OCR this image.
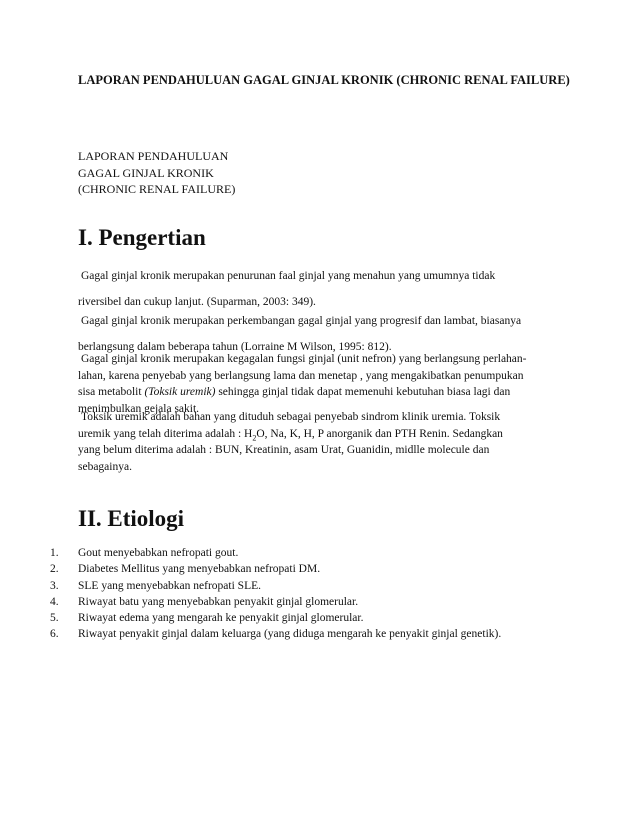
LAPORAN PENDAHULUAN GAGAL GINJAL KRONIK (CHRONIC RENAL FAILURE)
LAPORAN PENDAHULUAN
GAGAL GINJAL KRONIK
(CHRONIC RENAL FAILURE)
I. Pengertian
Gagal ginjal kronik merupakan penurunan faal ginjal yang menahun yang umumnya tidak
riversibel dan cukup lanjut. (Suparman, 2003: 349).
Gagal ginjal kronik merupakan perkembangan gagal ginjal yang progresif dan lambat, biasanya
berlangsung dalam beberapa tahun (Lorraine M Wilson, 1995: 812).
Gagal ginjal kronik merupakan kegagalan fungsi ginjal (unit nefron) yang berlangsung perlahan-
lahan, karena penyebab yang berlangsung lama dan menetap , yang mengakibatkan penumpukan
sisa metabolit (Toksik uremik) sehingga ginjal tidak dapat memenuhi kebutuhan biasa lagi dan
menimbulkan gejala sakit.
Toksik uremik adalah bahan yang dituduh sebagai penyebab sindrom klinik uremia. Toksik
uremik yang telah diterima adalah : $H_2O$, Na, K, H, P anorganik dan PTH Renin. Sedangkan
yang belum diterima adalah : BUN, Kreatinin, asam Urat, Guanidin, midlle molecule dan
sebagainya.
II. Etiologi
1. Gout menyebabkan nefropati gout.
2. Diabetes Mellitus yang menyebabkan nefropati DM.
3. SLE yang menyebabkan nefropati SLE.
4. Riwayat batu yang menyebabkan penyakit ginjal glomerular.
5. Riwayat edema yang mengarah ke penyakit ginjal glomerular.
6. Riwayat penyakit ginjal dalam keluarga (yang diduga mengarah ke penyakit ginjal genetik).
